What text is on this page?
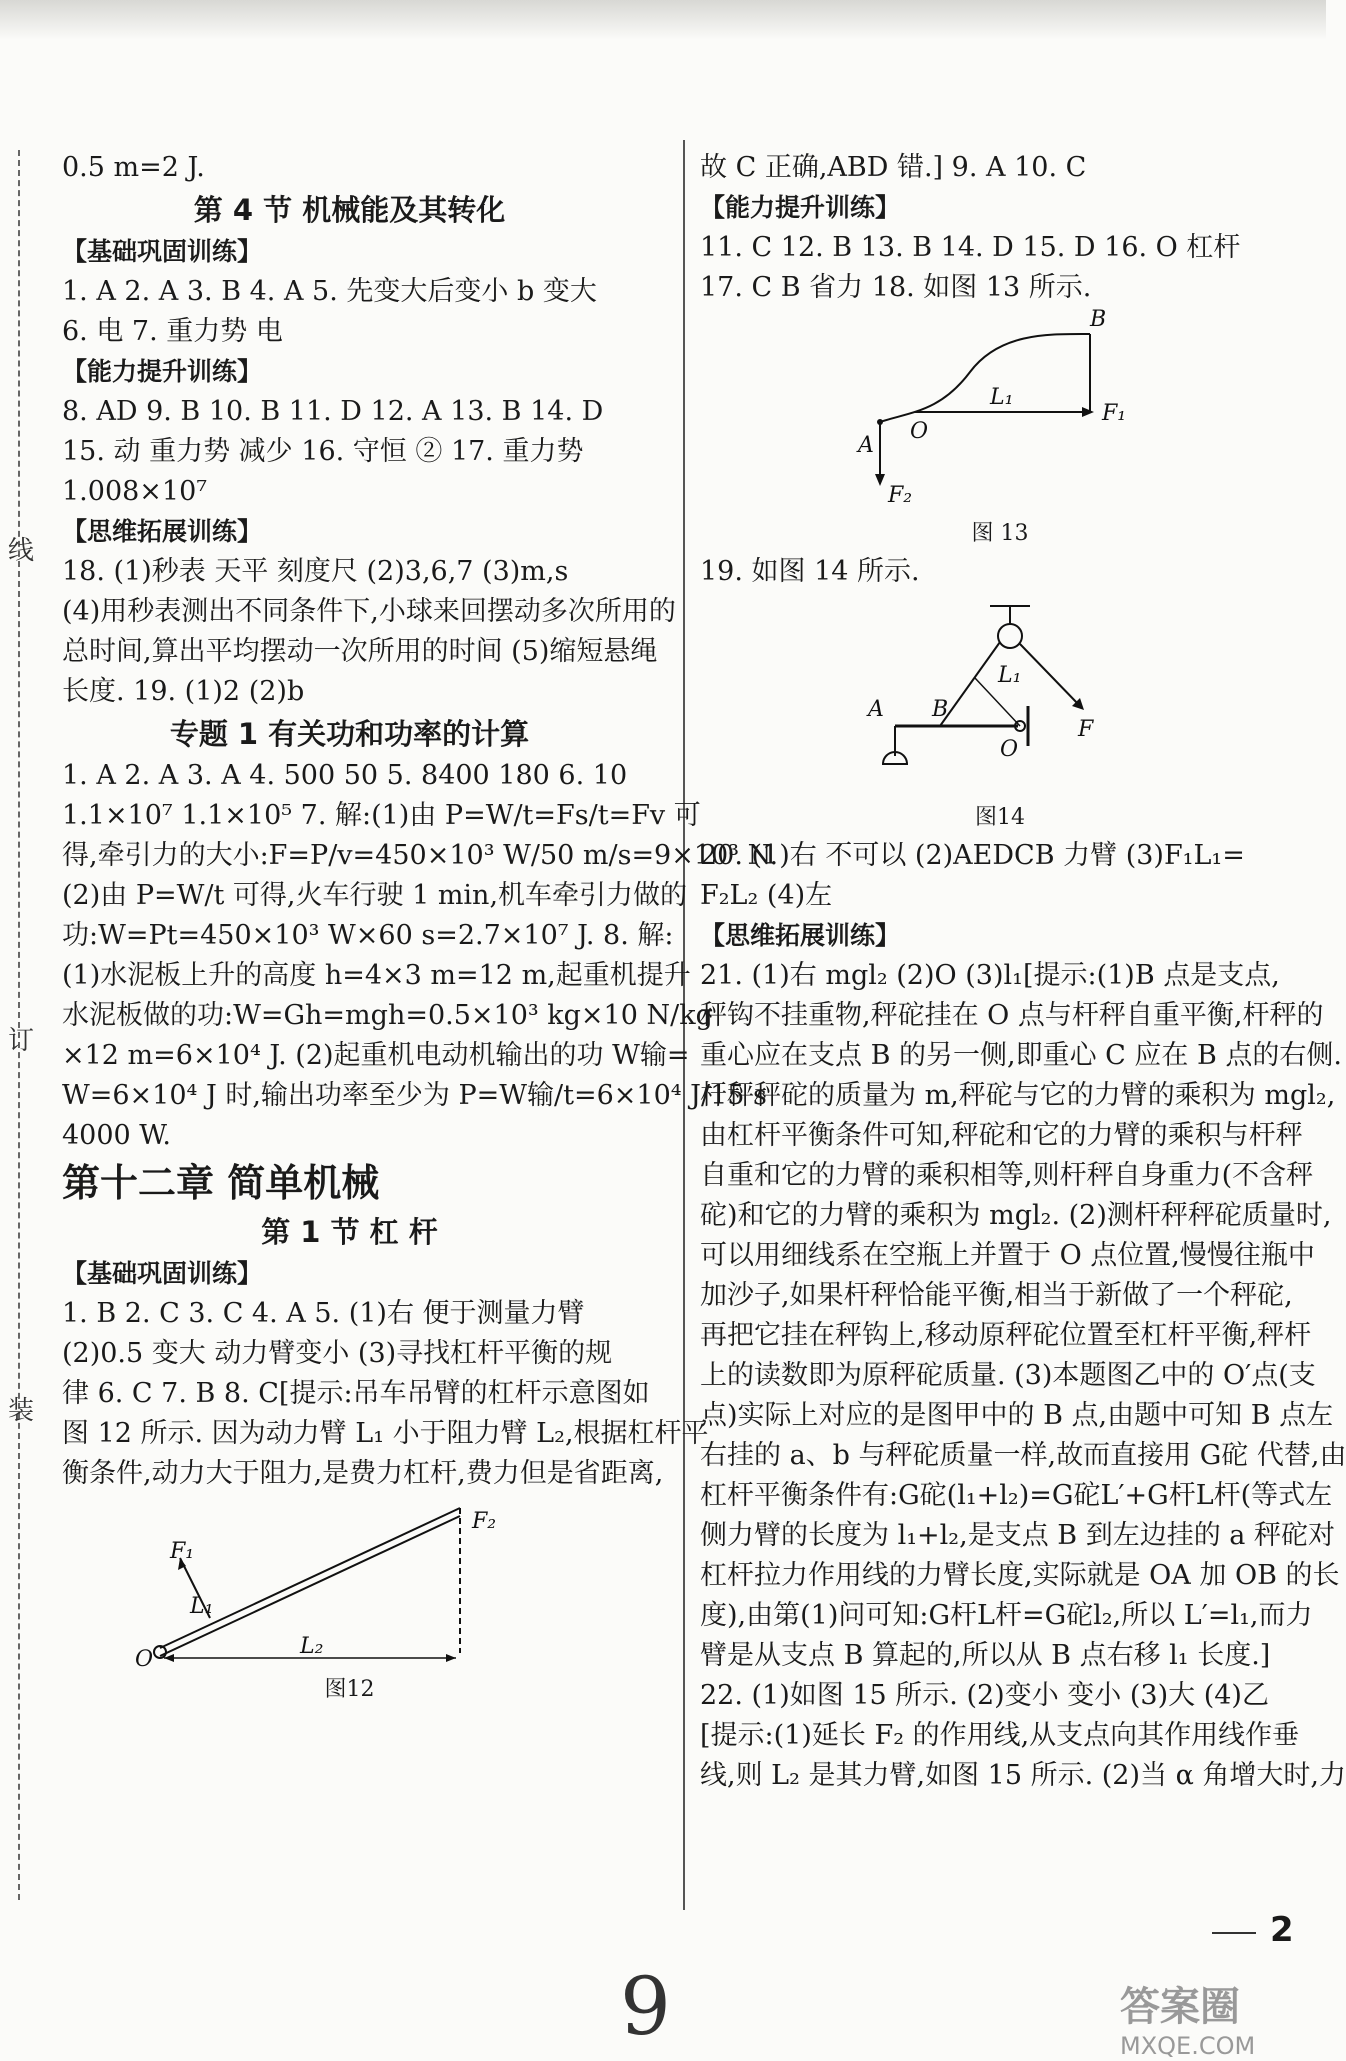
线
订
装
0.5 m=2 J.
第 4 节 机械能及其转化
【基础巩固训练】
1. A 2. A 3. B 4. A 5. 先变大后变小 b 变大
6. 电 7. 重力势 电
【能力提升训练】
8. AD 9. B 10. B 11. D 12. A 13. B 14. D
15. 动 重力势 减少 16. 守恒 ② 17. 重力势
1.008×10⁷
【思维拓展训练】
18. (1)秒表 天平 刻度尺 (2)3,6,7 (3)m,s
(4)用秒表测出不同条件下,小球来回摆动多次所用的
总时间,算出平均摆动一次所用的时间 (5)缩短悬绳
长度. 19. (1)2 (2)b
专题 1 有关功和功率的计算
1. A 2. A 3. A 4. 500 50 5. 8400 180 6. 10
1.1×10⁷ 1.1×10⁵ 7. 解:(1)由 P=W/t=Fs/t=Fv 可
得,牵引力的大小:F=P/v=450×10³ W/50 m/s=9×10³ N.
(2)由 P=W/t 可得,火车行驶 1 min,机车牵引力做的
功:W=Pt=450×10³ W×60 s=2.7×10⁷ J. 8. 解:
(1)水泥板上升的高度 h=4×3 m=12 m,起重机提升
水泥板做的功:W=Gh=mgh=0.5×10³ kg×10 N/kg
×12 m=6×10⁴ J. (2)起重机电动机输出的功 W输=
W=6×10⁴ J 时,输出功率至少为 P=W输/t=6×10⁴ J/15 s
4000 W.
第十二章 简单机械
第 1 节 杠 杆
【基础巩固训练】
1. B 2. C 3. C 4. A 5. (1)右 便于测量力臂
(2)0.5 变大 动力臂变小 (3)寻找杠杆平衡的规
律 6. C 7. B 8. C[提示:吊车吊臂的杠杆示意图如
图 12 所示. 因为动力臂 L₁ 小于阻力臂 L₂,根据杠杆平
衡条件,动力大于阻力,是费力杠杆,费力但是省距离,
F₁
F₂
L₁
L₂
O
图12
故 C 正确,ABD 错.] 9. A 10. C
【能力提升训练】
11. C 12. B 13. B 14. D 15. D 16. O 杠杆
17. C B 省力 18. 如图 13 所示.
B
A
O
L₁
F₁
F₂
图 13
19. 如图 14 所示.
A B
O
L₁
F
图14
20. (1)右 不可以 (2)AEDCB 力臂 (3)F₁L₁=
F₂L₂ (4)左
【思维拓展训练】
21. (1)右 mgl₂ (2)O (3)l₁[提示:(1)B 点是支点,
秤钩不挂重物,秤砣挂在 O 点与杆秤自重平衡,杆秤的
重心应在支点 B 的另一侧,即重心 C 应在 B 点的右侧.
杆秤秤砣的质量为 m,秤砣与它的力臂的乘积为 mgl₂,
由杠杆平衡条件可知,秤砣和它的力臂的乘积与杆秤
自重和它的力臂的乘积相等,则杆秤自身重力(不含秤
砣)和它的力臂的乘积为 mgl₂. (2)测杆秤秤砣质量时,
可以用细线系在空瓶上并置于 O 点位置,慢慢往瓶中
加沙子,如果杆秤恰能平衡,相当于新做了一个秤砣,
再把它挂在秤钩上,移动原秤砣位置至杠杆平衡,秤杆
上的读数即为原秤砣质量. (3)本题图乙中的 O′点(支
点)实际上对应的是图甲中的 B 点,由题中可知 B 点左
右挂的 a、b 与秤砣质量一样,故而直接用 G砣 代替,由
杠杆平衡条件有:G砣(l₁+l₂)=G砣L′+G杆L杆(等式左
侧力臂的长度为 l₁+l₂,是支点 B 到左边挂的 a 秤砣对
杠杆拉力作用线的力臂长度,实际就是 OA 加 OB 的长
度),由第(1)问可知:G杆L杆=G砣l₂,所以 L′=l₁,而力
臂是从支点 B 算起的,所以从 B 点右移 l₁ 长度.]
22. (1)如图 15 所示. (2)变小 变小 (3)大 (4)乙
[提示:(1)延长 F₂ 的作用线,从支点向其作用线作垂
线,则 L₂ 是其力臂,如图 15 所示. (2)当 α 角增大时,力
2
9	答案圈
MXQE.COM
